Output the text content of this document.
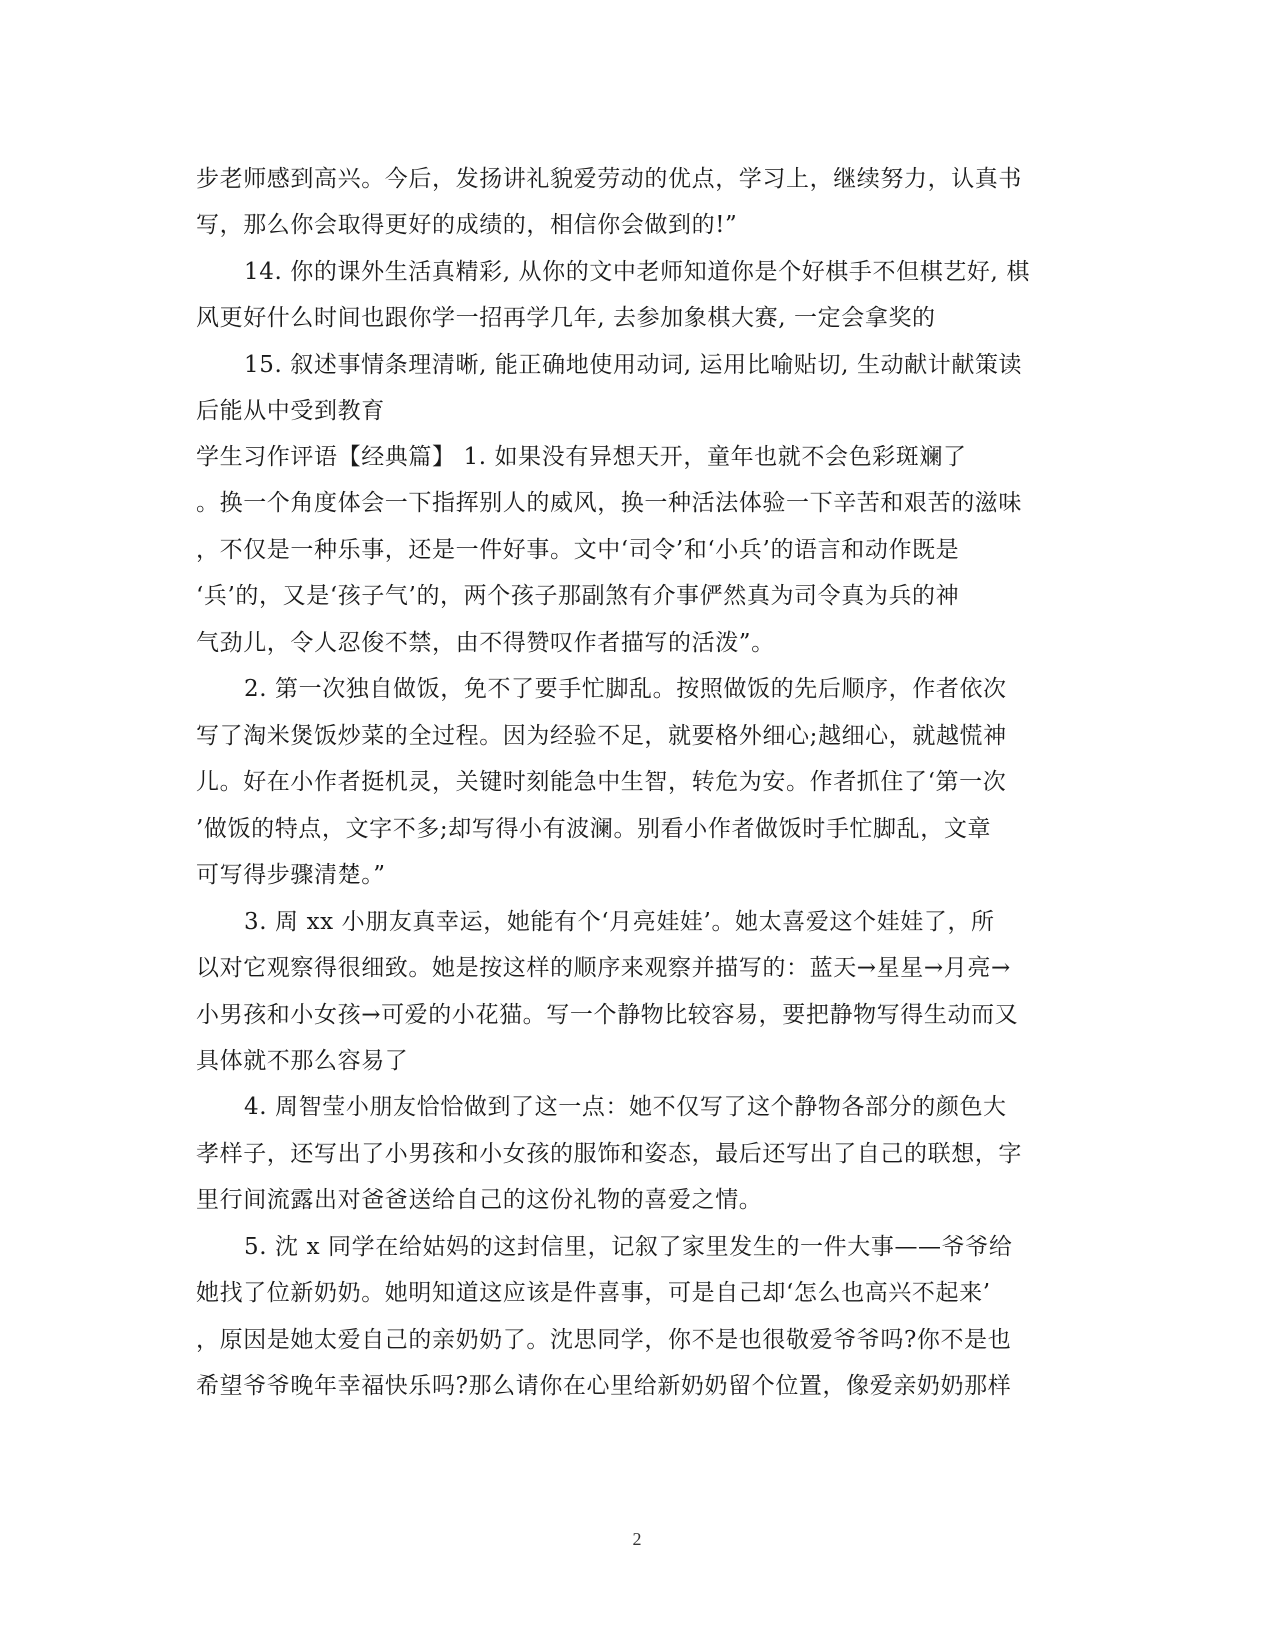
步老师感到高兴。今后，发扬讲礼貌爱劳动的优点，学习上，继续努力，认真书
写，那么你会取得更好的成绩的，相信你会做到的!”
14. 你的课外生活真精彩, 从你的文中老师知道你是个好棋手不但棋艺好, 棋
风更好什么时间也跟你学一招再学几年, 去参加象棋大赛, 一定会拿奖的
15. 叙述事情条理清晰, 能正确地使用动词, 运用比喻贴切, 生动献计献策读
后能从中受到教育
学生习作评语【经典篇】 1. 如果没有异想天开，童年也就不会色彩斑斓了
。换一个角度体会一下指挥别人的威风，换一种活法体验一下辛苦和艰苦的滋味
，不仅是一种乐事，还是一件好事。文中‘司令’和‘小兵’的语言和动作既是
‘兵’的，又是‘孩子气’的，两个孩子那副煞有介事俨然真为司令真为兵的神
气劲儿，令人忍俊不禁，由不得赞叹作者描写的活泼”。
2. 第一次独自做饭，免不了要手忙脚乱。按照做饭的先后顺序，作者依次
写了淘米煲饭炒菜的全过程。因为经验不足，就要格外细心;越细心，就越慌神
儿。好在小作者挺机灵，关键时刻能急中生智，转危为安。作者抓住了‘第一次
’做饭的特点，文字不多;却写得小有波澜。别看小作者做饭时手忙脚乱，文章
可写得步骤清楚。”
3. 周 xx 小朋友真幸运，她能有个‘月亮娃娃’。她太喜爱这个娃娃了，所
以对它观察得很细致。她是按这样的顺序来观察并描写的：蓝天→星星→月亮→
小男孩和小女孩→可爱的小花猫。写一个静物比较容易，要把静物写得生动而又
具体就不那么容易了
4. 周智莹小朋友恰恰做到了这一点：她不仅写了这个静物各部分的颜色大
孝样子，还写出了小男孩和小女孩的服饰和姿态，最后还写出了自己的联想，字
里行间流露出对爸爸送给自己的这份礼物的喜爱之情。
5. 沈 x 同学在给姑妈的这封信里，记叙了家里发生的一件大事——爷爷给
她找了位新奶奶。她明知道这应该是件喜事，可是自己却‘怎么也高兴不起来’
，原因是她太爱自己的亲奶奶了。沈思同学，你不是也很敬爱爷爷吗?你不是也
希望爷爷晚年幸福快乐吗?那么请你在心里给新奶奶留个位置，像爱亲奶奶那样
2
